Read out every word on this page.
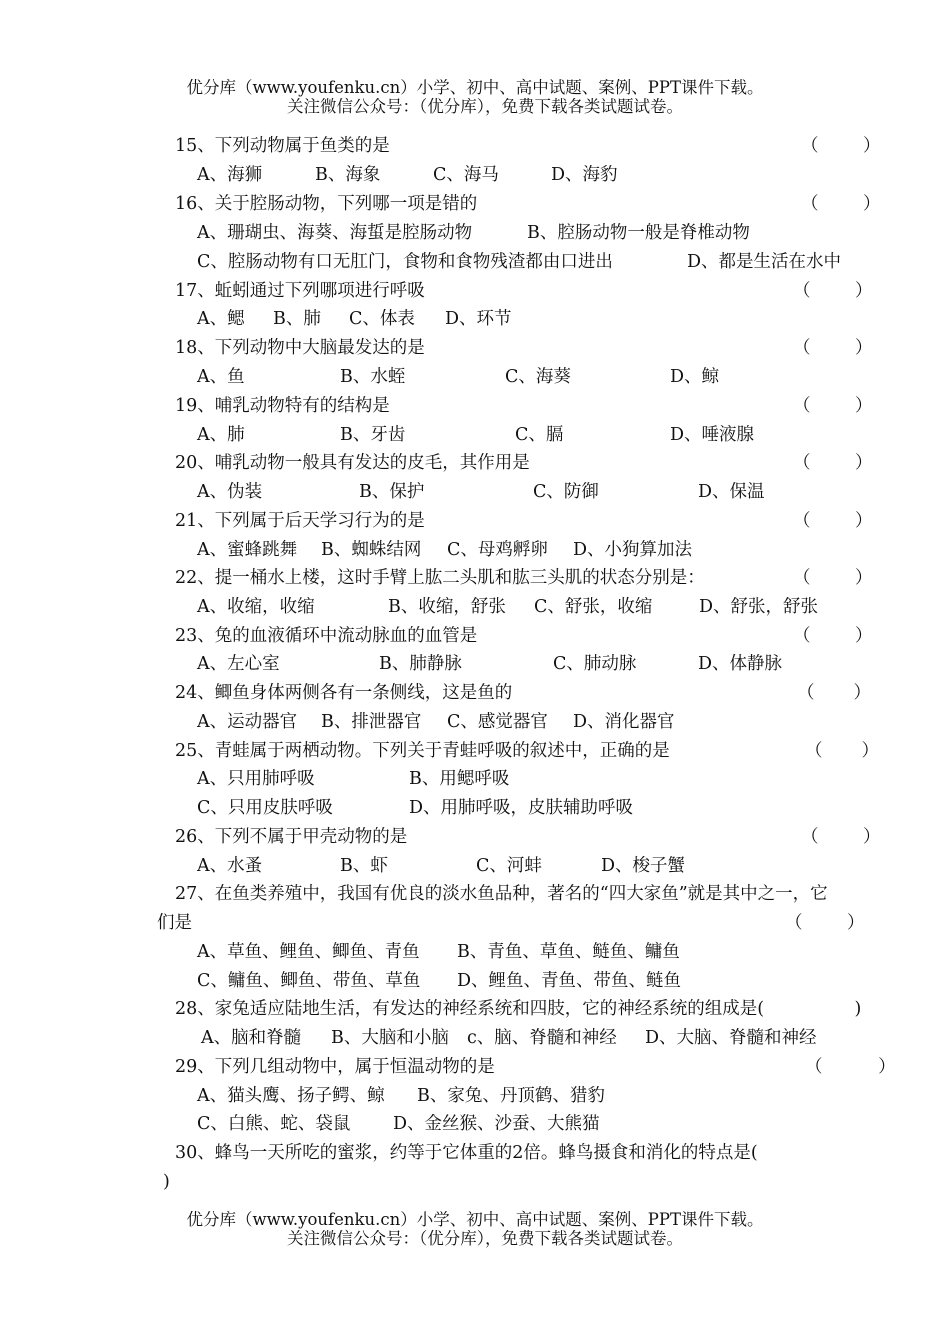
优分库（www.youfenku.cn）小学、初中、高中试题、案例、PPT课件下载。
关注微信公众号：（优分库），免费下载各类试题试卷。
15、下列动物属于鱼类的是	（        ）
A、海狮	B、海象	C、海马	D、海豹
16、关于腔肠动物，下列哪一项是错的	（        ）
A、珊瑚虫、海葵、海蜇是腔肠动物	B、腔肠动物一般是脊椎动物
C、腔肠动物有口无肛门，食物和食物残渣都由口进出	D、都是生活在水中
17、蚯蚓通过下列哪项进行呼吸	（        ）
A、鳃 B、肺 C、体表 D、环节
18、下列动物中大脑最发达的是	（        ）
A、鱼	B、水蛭	C、海葵	D、鲸
19、哺乳动物特有的结构是	（        ）
A、肺	B、牙齿	C、膈	D、唾液腺
20、哺乳动物一般具有发达的皮毛，其作用是	（        ）
A、伪装	B、保护	C、防御	D、保温
21、下列属于后天学习行为的是	（        ）
A、蜜蜂跳舞 B、蜘蛛结网 C、母鸡孵卵 D、小狗算加法
22、提一桶水上楼，这时手臂上肱二头肌和肱三头肌的状态分别是：	（        ）
A、收缩，收缩	B、收缩，舒张 C、舒张，收缩	D、舒张，舒张
23、兔的血液循环中流动脉血的血管是	（        ）
A、左心室	B、肺静脉	C、肺动脉	D、体静脉
24、鲫鱼身体两侧各有一条侧线，这是鱼的	（       ）
A、运动器官 B、排泄器官 C、感觉器官 D、消化器官
25、青蛙属于两栖动物。下列关于青蛙呼吸的叙述中，正确的是	（       ）
A、只用肺呼吸	B、用鳃呼吸
C、只用皮肤呼吸	D、用肺呼吸，皮肤辅助呼吸
26、下列不属于甲壳动物的是	（        ）
A、水蚤	B、虾	C、河蚌	D、梭子蟹
27、在鱼类养殖中，我国有优良的淡水鱼品种，著名的“四大家鱼”就是其中之一，它
们是	（        ）
A、草鱼、鲤鱼、鲫鱼、青鱼 B、青鱼、草鱼、鲢鱼、鳙鱼
C、鳙鱼、鲫鱼、带鱼、草鱼 D、鲤鱼、青鱼、带鱼、鲢鱼
28、家兔适应陆地生活，有发达的神经系统和四肢，它的神经系统的组成是(	)
A、脑和脊髓 B、大脑和小脑 c、脑、脊髓和神经 D、大脑、脊髓和神经
29、下列几组动物中，属于恒温动物的是	（          ）
A、猫头鹰、扬子鳄、鲸 B、家兔、丹顶鹤、猎豹
C、白熊、蛇、袋鼠 D、金丝猴、沙蚕、大熊猫
30、蜂鸟一天所吃的蜜浆，约等于它体重的2倍。蜂鸟摄食和消化的特点是(
)
优分库（www.youfenku.cn）小学、初中、高中试题、案例、PPT课件下载。
关注微信公众号：（优分库），免费下载各类试题试卷。
